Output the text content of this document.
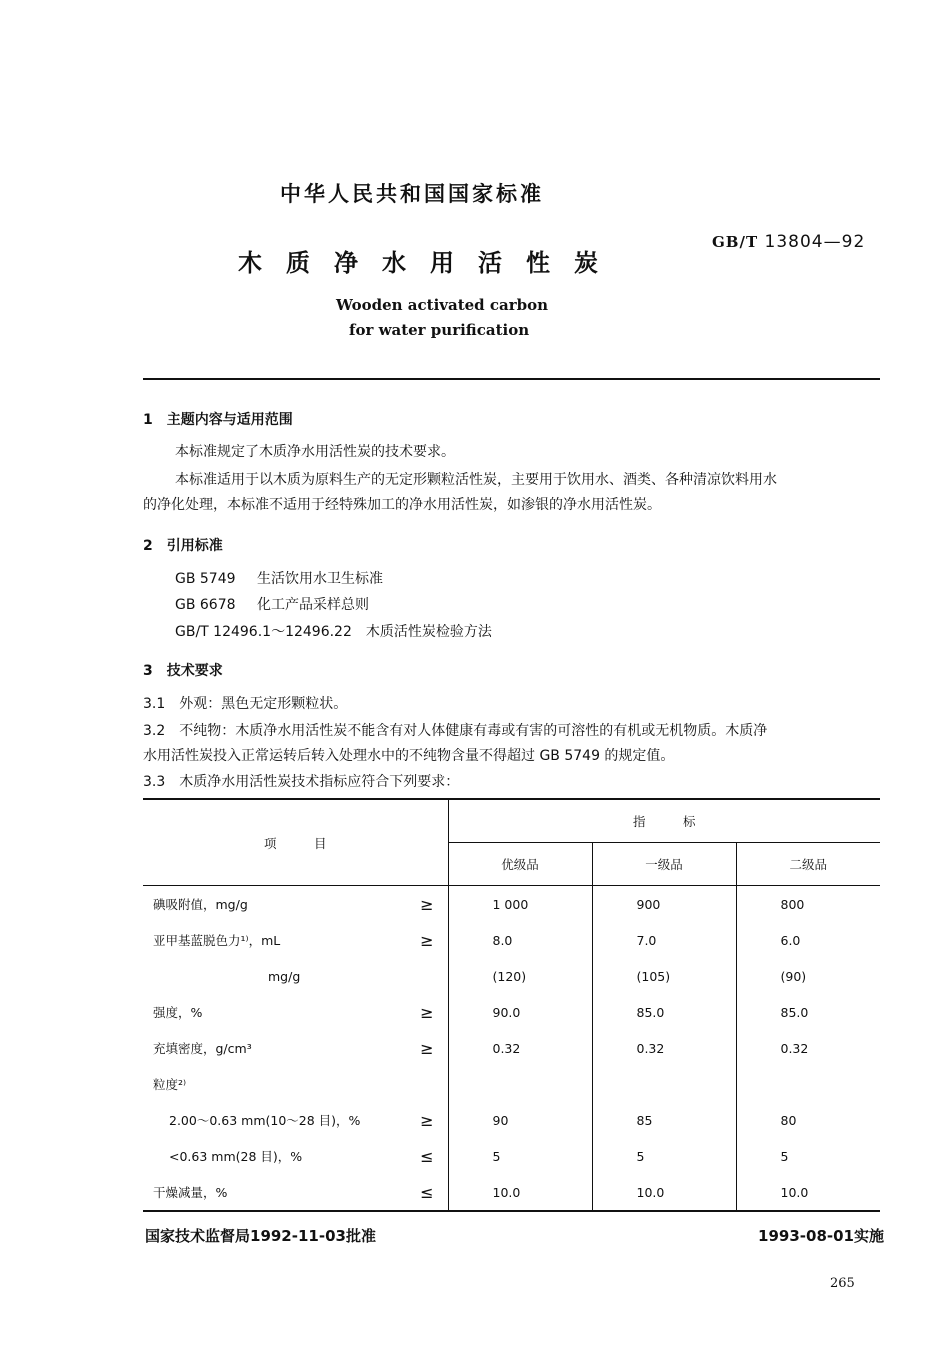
中华人民共和国国家标准
木质净水用活性炭
GB/T 13804—92
Wooden activated carbon
for water purification
1　主题内容与适用范围
本标准规定了木质净水用活性炭的技术要求。
本标准适用于以木质为原料生产的无定形颗粒活性炭，主要用于饮用水、酒类、各种清凉饮料用水
的净化处理，本标准不适用于经特殊加工的净水用活性炭，如渗银的净水用活性炭。
2　引用标准
GB 5749 生活饮用水卫生标准
GB 6678 化工产品采样总则
GB/T 12496.1～12496.22 木质活性炭检验方法
3　技术要求
3.1　外观：黑色无定形颗粒状。
3.2　不纯物：木质净水用活性炭不能含有对人体健康有毒或有害的可溶性的有机或无机物质。木质净
水用活性炭投入正常运转后转入处理水中的不纯物含量不得超过 GB 5749 的规定值。
3.3　木质净水用活性炭技术指标应符合下列要求：
项　　　目		指　　　标		
		优级品	一级品	二级品
碘吸附值，mg/g	≥	1 000	900	800
亚甲基蓝脱色力¹⁾，mL	≥	8.0	7.0	6.0
mg/g		(120)	(105)	(90)
强度，%	≥	90.0	85.0	85.0
充填密度，g/cm³	≥	0.32	0.32	0.32
粒度²⁾				
2.00～0.63 mm(10～28 目)，%	≥	90	85	80
<0.63 mm(28 目)，%	≤	5	5	5
干燥减量，%	≤	10.0	10.0	10.0
国家技术监督局1992-11-03批准	1993-08-01实施
265
